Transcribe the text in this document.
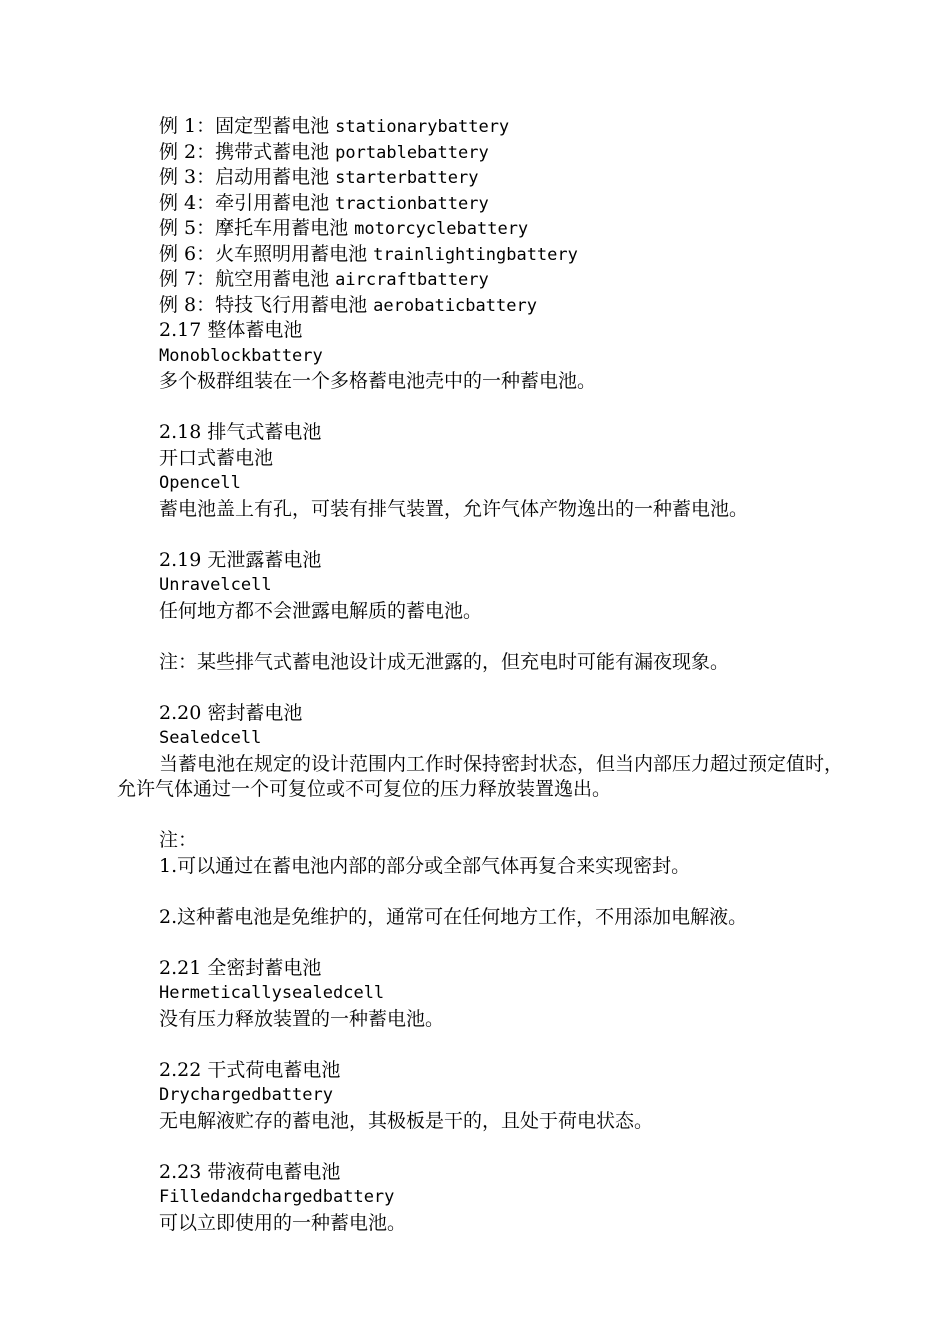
例 1：固定型蓄电池 stationarybattery
例 2：携带式蓄电池 portablebattery
例 3：启动用蓄电池 starterbattery
例 4：牵引用蓄电池 tractionbattery
例 5：摩托车用蓄电池 motorcyclebattery
例 6：火车照明用蓄电池 trainlightingbattery
例 7：航空用蓄电池 aircraftbattery
例 8：特技飞行用蓄电池 aerobaticbattery
2.17 整体蓄电池
Monoblockbattery
多个极群组装在一个多格蓄电池壳中的一种蓄电池。
2.18 排气式蓄电池
开口式蓄电池
Opencell
蓄电池盖上有孔，可装有排气装置，允许气体产物逸出的一种蓄电池。
2.19 无泄露蓄电池
Unravelcell
任何地方都不会泄露电解质的蓄电池。
注：某些排气式蓄电池设计成无泄露的，但充电时可能有漏夜现象。
2.20 密封蓄电池
Sealedcell
当蓄电池在规定的设计范围内工作时保持密封状态，但当内部压力超过预定值时，
允许气体通过一个可复位或不可复位的压力释放装置逸出。
注：
1.可以通过在蓄电池内部的部分或全部气体再复合来实现密封。
2.这种蓄电池是免维护的，通常可在任何地方工作，不用添加电解液。
2.21 全密封蓄电池
Hermeticallysealedcell
没有压力释放装置的一种蓄电池。
2.22 干式荷电蓄电池
Drychargedbattery
无电解液贮存的蓄电池，其极板是干的，且处于荷电状态。
2.23 带液荷电蓄电池
Filledandchargedbattery
可以立即使用的一种蓄电池。
